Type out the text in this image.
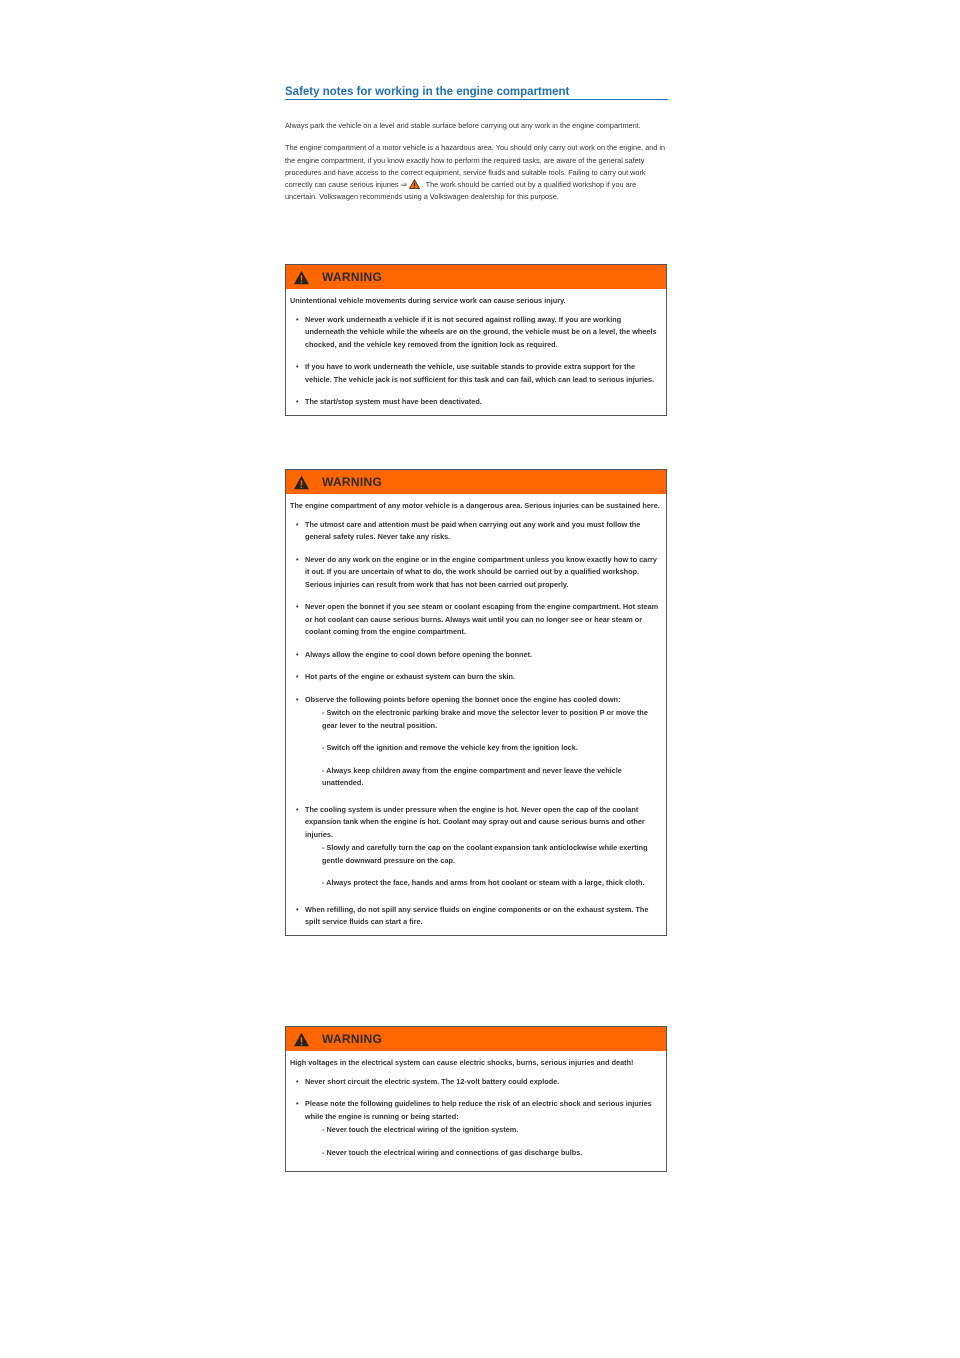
Safety notes for working in the engine compartment

Always park the vehicle on a level and stable surface before carrying out any work in the engine compartment.

The engine compartment of a motor vehicle is a hazardous area. You should only carry out work on the engine, and in the engine compartment, if you know exactly how to perform the required tasks, are aware of the general safety procedures and have access to the correct equipment, service fluids and suitable tools. Failing to carry out work correctly can cause serious injuries ⇒ . The work should be carried out by a qualified workshop if you are uncertain. Volkswagen recommends using a Volkswagen dealership for this purpose.

WARNING

Unintentional vehicle movements during service work can cause serious injury.

• Never work underneath a vehicle if it is not secured against rolling away. If you are working underneath the vehicle while the wheels are on the ground, the vehicle must be on a level, the wheels chocked, and the vehicle key removed from the ignition lock as required.
• If you have to work underneath the vehicle, use suitable stands to provide extra support for the vehicle. The vehicle jack is not sufficient for this task and can fail, which can lead to serious injuries.
• The start/stop system must have been deactivated.
WARNING

The engine compartment of any motor vehicle is a dangerous area. Serious injuries can be sustained here.

• The utmost care and attention must be paid when carrying out any work and you must follow the general safety rules. Never take any risks.
• Never do any work on the engine or in the engine compartment unless you know exactly how to carry it out. If you are uncertain of what to do, the work should be carried out by a qualified workshop. Serious injuries can result from work that has not been carried out properly.
• Never open the bonnet if you see steam or coolant escaping from the engine compartment. Hot steam or hot coolant can cause serious burns. Always wait until you can no longer see or hear steam or coolant coming from the engine compartment.
• Always allow the engine to cool down before opening the bonnet.
• Hot parts of the engine or exhaust system can burn the skin.
• Observe the following points before opening the bonnet once the engine has cooled down:
- Switch on the electronic parking brake and move the selector lever to position P or move the gear lever to the neutral position.
- Switch off the ignition and remove the vehicle key from the ignition lock.
- Always keep children away from the engine compartment and never leave the vehicle unattended.
• The cooling system is under pressure when the engine is hot. Never open the cap of the coolant expansion tank when the engine is hot. Coolant may spray out and cause serious burns and other injuries.
- Slowly and carefully turn the cap on the coolant expansion tank anticlockwise while exerting gentle downward pressure on the cap.
- Always protect the face, hands and arms from hot coolant or steam with a large, thick cloth.
• When refilling, do not spill any service fluids on engine components or on the exhaust system. The spilt service fluids can start a fire.
WARNING

High voltages in the electrical system can cause electric shocks, burns, serious injuries and death!

• Never short circuit the electric system. The 12-volt battery could explode.
• Please note the following guidelines to help reduce the risk of an electric shock and serious injuries while the engine is running or being started:
- Never touch the electrical wiring of the ignition system.
- Never touch the electrical wiring and connections of gas discharge bulbs.
